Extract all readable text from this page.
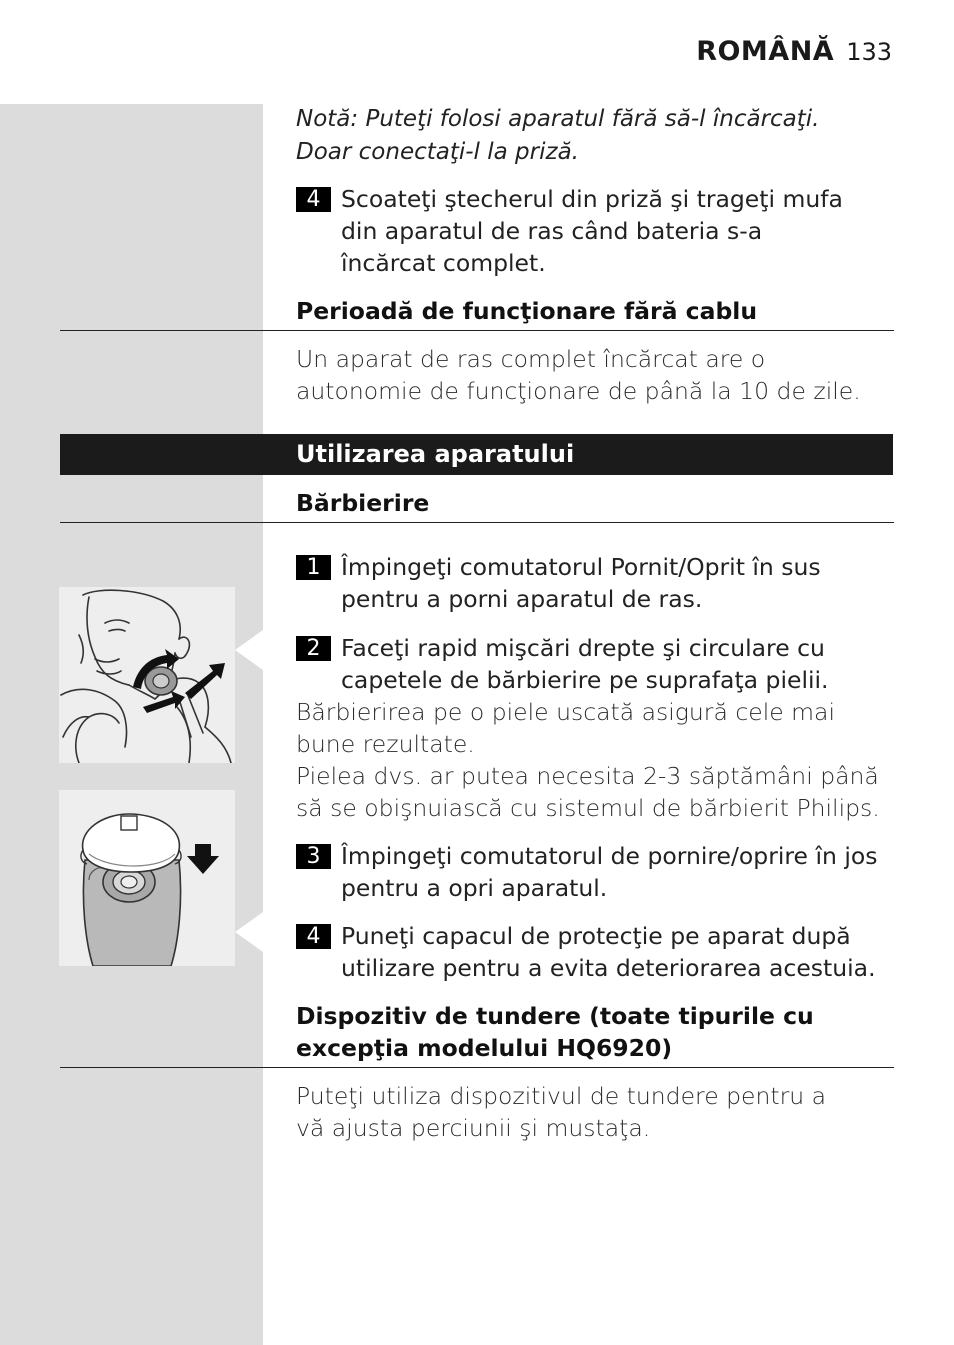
ROMÂNĂ 133
Notă: Puteţi folosi aparatul fără să-l încărcaţi. Doar conectaţi-l la priză.
4 Scoateţi ştecherul din priză şi trageţi mufa din aparatul de ras când bateria s-a încărcat complet.
Perioadă de funcţionare fără cablu
Un aparat de ras complet încărcat are o autonomie de funcţionare de până la 10 de zile.
Utilizarea aparatului
Bărbierire
1 Împingeţi comutatorul Pornit/Oprit în sus pentru a porni aparatul de ras.
2 Faceţi rapid mişcări drepte şi circulare cu capetele de bărbierire pe suprafaţa pielii.
Bărbierirea pe o piele uscată asigură cele mai bune rezultate.
Pielea dvs. ar putea necesita 2-3 săptămâni până să se obişnuiască cu sistemul de bărbierit Philips.
3 Împingeţi comutatorul de pornire/oprire în jos pentru a opri aparatul.
4 Puneţi capacul de protecţie pe aparat după utilizare pentru a evita deteriorarea acestuia.
Dispozitiv de tundere (toate tipurile cu excepţia modelului HQ6920)
Puteţi utiliza dispozitivul de tundere pentru a vă ajusta perciunii şi mustaţa.
